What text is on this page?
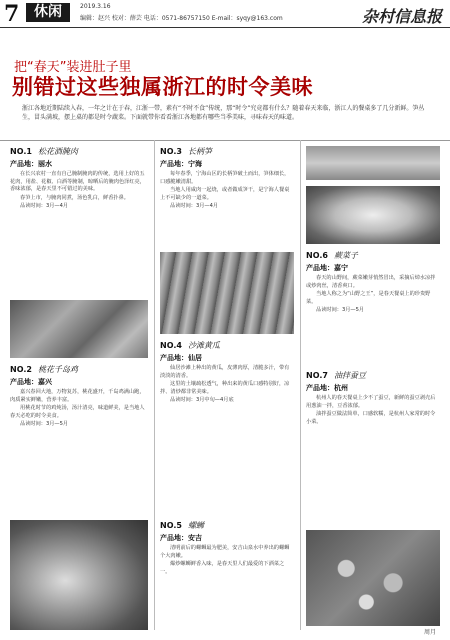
7	休闲	2019.3.16
编辑：赵兴 校对：薛芸 电话：0571-86757150 E-mail：syqy@163.com	杂村信息报
把“春天”装进肚子里
别错过这些独属浙江的时令美味
浙江各地近期陆续入春，一年之计在于春，江浙一带，素有“不时不食”传统，那“时令”究竟都有什么？随着春天来临，浙江人的餐桌多了几分新鲜。笋丛生，冒头满坡，摆上桌的都是时令蔬菜。下面就带你看看浙江各地都有哪些当季美味，寻味春天的味道。
NO.1 松花酒腌肉
产品地：丽水

在长兴农村一直有自己腌制腌肉的传统，选用上好的五花肉，用盐、花椒、白酒等腌制，晾晒后的腌肉色泽红亮，香味浓郁，是春天里不可错过的美味。

春笋上市，与腌肉同煮，汤色乳白，鲜香扑鼻。

品读时间：3月—4月
NO.2 桃花千岛鸡
产品地：嘉兴

嘉兴春回大地，万物复苏，桃花盛开，千岛鸡满山跑，肉质紧实鲜嫩，营养丰富。

用桃花时节的鸡炖汤，汤汁清亮，味道鲜美，是当地人春天必吃的时令美食。

品读时间：3月—5月
NO.3 长柄笋
产品地：宁海

每年春季，宁海山区的长柄笋破土而出，笋体细长，口感脆嫩清甜。

当地人用咸肉一起烧，或者做成笋干，是宁海人餐桌上不可缺少的一道菜。

品读时间：3月—4月
NO.4 沙滩黄瓜
产品地：仙居

仙居沙滩上种出的黄瓜，皮薄肉厚，清脆多汁，带有淡淡的清香。

这里的土壤疏松透气，种出来的黄瓜口感特别好，凉拌、清炒都非常美味。

品读时间：3月中旬—4月底
NO.5 螺蛳
产品地：安吉

清明前后的螺蛳最为肥美，安吉山泉水中养出的螺蛳个大肉嫩。

爆炒螺蛳鲜香入味，是春天里人们最爱的下酒菜之一。

NO.6 蕨菜子
产品地：嘉宁

春天的山野间，蕨菜嫩芽悄然冒出，采摘后焯水凉拌或炒肉丝，清香爽口。

当地人称之为“山野之王”，是春天餐桌上的珍贵野菜。

品读时间：3月—5月
NO.7 油拌蚕豆
产品地：杭州

杭州人的春天餐桌上少不了蚕豆，新鲜的蚕豆剥壳后用葱油一拌，豆香浓郁。

油拌蚕豆做法简单，口感软糯，是杭州人家常的时令小菜。

周月
